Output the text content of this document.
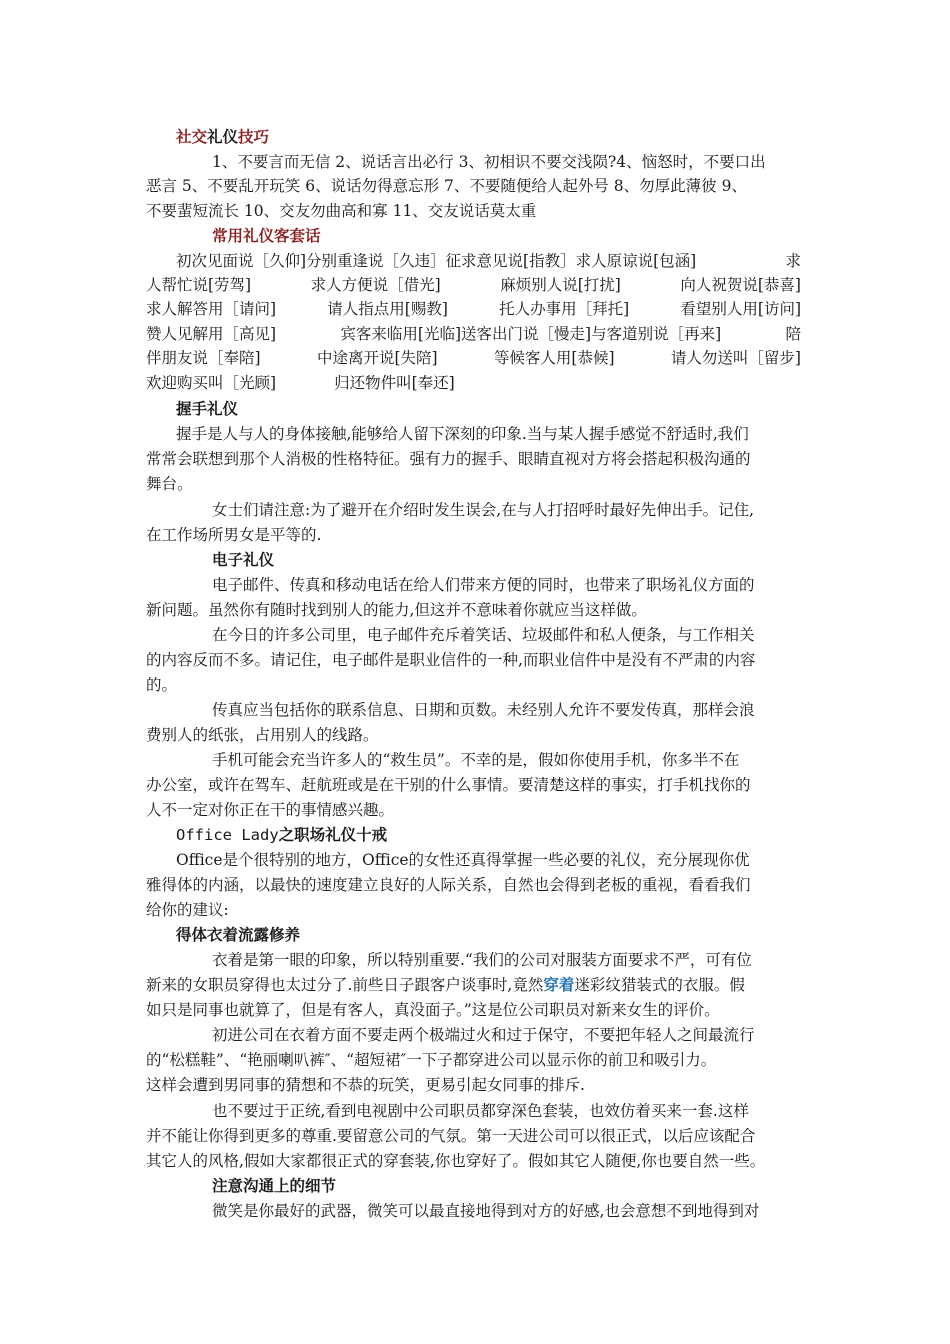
社交礼仪技巧
1、不要言而无信 2、说话言出必行 3、初相识不要交浅陨?4、恼怒时，不要口出
恶言 5、不要乱开玩笑 6、说话勿得意忘形 7、不要随便给人起外号 8、勿厚此薄彼 9、
不要蜚短流长 10、交友勿曲高和寡 11、交友说话莫太重
常用礼仪客套话
初次见面说［久仰]分别重逢说［久违］征求意见说[指教］求人原谅说[包涵]	求
人帮忙说[劳驾]	求人方便说［借光]	麻烦别人说[打扰]	向人祝贺说[恭喜]
求人解答用［请问]	请人指点用[赐教]	托人办事用［拜托]	看望别人用[访问]
赞人见解用［高见]	宾客来临用[光临]送客出门说［慢走]与客道别说［再来]	陪
伴朋友说［奉陪]	中途离开说[失陪]	等候客人用[恭候]	请人勿送叫［留步]
欢迎购买叫［光顾]	归还物件叫[奉还]
握手礼仪
握手是人与人的身体接触,能够给人留下深刻的印象.当与某人握手感觉不舒适时,我们
常常会联想到那个人消极的性格特征。强有力的握手、眼睛直视对方将会搭起积极沟通的
舞台。
女士们请注意:为了避开在介绍时发生误会,在与人打招呼时最好先伸出手。记住,
在工作场所男女是平等的.
电子礼仪
电子邮件、传真和移动电话在给人们带来方便的同时，也带来了职场礼仪方面的
新问题。虽然你有随时找到别人的能力,但这并不意味着你就应当这样做。
在今日的许多公司里，电子邮件充斥着笑话、垃圾邮件和私人便条，与工作相关
的内容反而不多。请记住，电子邮件是职业信件的一种,而职业信件中是没有不严肃的内容
的。
传真应当包括你的联系信息、日期和页数。未经别人允许不要发传真，那样会浪
费别人的纸张，占用别人的线路。
手机可能会充当许多人的“救生员”。不幸的是，假如你使用手机，你多半不在
办公室，或许在驾车、赶航班或是在干别的什么事情。要清楚这样的事实，打手机找你的
人不一定对你正在干的事情感兴趣。
Office Lady之职场礼仪十戒
Office是个很特别的地方，Office的女性还真得掌握一些必要的礼仪，充分展现你优
雅得体的内涵，以最快的速度建立良好的人际关系，自然也会得到老板的重视，看看我们
给你的建议:
得体衣着流露修养
衣着是第一眼的印象，所以特别重要.“我们的公司对服装方面要求不严，可有位
新来的女职员穿得也太过分了.前些日子跟客户谈事时,竟然穿着迷彩纹猎装式的衣服。假
如只是同事也就算了，但是有客人，真没面子。”这是位公司职员对新来女生的评价。
初进公司在衣着方面不要走两个极端过火和过于保守，不要把年轻人之间最流行
的“松糕鞋”、“艳丽喇叭裤″、“超短裙″一下子都穿进公司以显示你的前卫和吸引力。
这样会遭到男同事的猜想和不恭的玩笑，更易引起女同事的排斥.
也不要过于正统,看到电视剧中公司职员都穿深色套装，也效仿着买来一套.这样
并不能让你得到更多的尊重.要留意公司的气氛。第一天进公司可以很正式，以后应该配合
其它人的风格,假如大家都很正式的穿套装,你也穿好了。假如其它人随便,你也要自然一些。
注意沟通上的细节
微笑是你最好的武器，微笑可以最直接地得到对方的好感,也会意想不到地得到对
